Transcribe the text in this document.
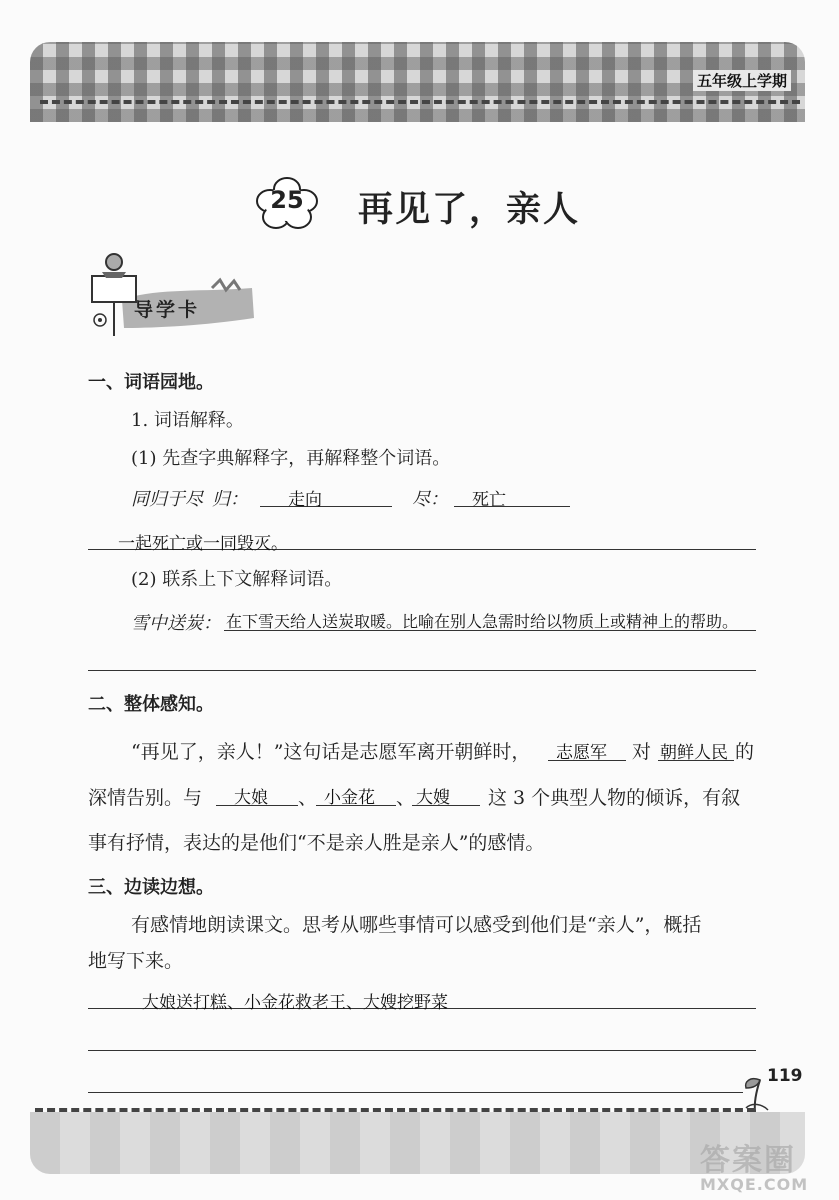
五年级上学期
25	再见了，亲人
导学卡
一、词语园地。
1. 词语解释。
(1) 先查字典解释字，再解释整个词语。
同归于尽 归： 走向	尽： 死亡
一起死亡或一同毁灭。
(2) 联系上下文解释词语。
雪中送炭： 在下雪天给人送炭取暖。比喻在别人急需时给以物质上或精神上的帮助。
二、整体感知。
“再见了，亲人！”这句话是志愿军离开朝鲜时， 志愿军 对 朝鲜人民 的
深情告别。与 大娘 、 小金花 、 大嫂 这 3 个典型人物的倾诉，有叙
事有抒情，表达的是他们“不是亲人胜是亲人”的感情。
三、边读边想。
有感情地朗读课文。思考从哪些事情可以感受到他们是“亲人”，概括
地写下来。
大娘送打糕、小金花救老王、大嫂挖野菜
119
答案圈
MXQE.COM
